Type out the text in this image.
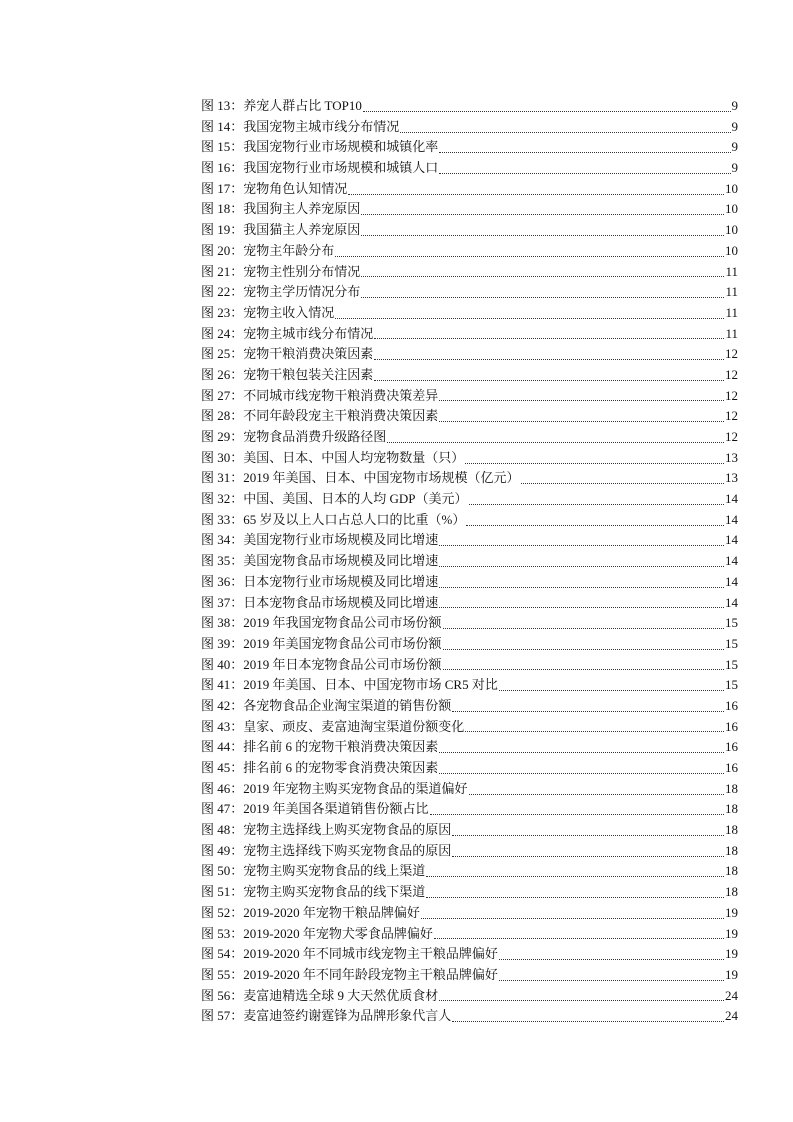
图 13：养宠人群占比 TOP10	9
图 14：我国宠物主城市线分布情况	9
图 15：我国宠物行业市场规模和城镇化率	9
图 16：我国宠物行业市场规模和城镇人口	9
图 17：宠物角色认知情况	10
图 18：我国狗主人养宠原因	10
图 19：我国猫主人养宠原因	10
图 20：宠物主年龄分布	10
图 21：宠物主性别分布情况	11
图 22：宠物主学历情况分布	11
图 23：宠物主收入情况	11
图 24：宠物主城市线分布情况	11
图 25：宠物干粮消费决策因素	12
图 26：宠物干粮包装关注因素	12
图 27：不同城市线宠物干粮消费决策差异	12
图 28：不同年龄段宠主干粮消费决策因素	12
图 29：宠物食品消费升级路径图	12
图 30：美国、日本、中国人均宠物数量（只）	13
图 31：2019 年美国、日本、中国宠物市场规模（亿元）	13
图 32：中国、美国、日本的人均 GDP（美元）	14
图 33：65 岁及以上人口占总人口的比重（%）	14
图 34：美国宠物行业市场规模及同比增速	14
图 35：美国宠物食品市场规模及同比增速	14
图 36：日本宠物行业市场规模及同比增速	14
图 37：日本宠物食品市场规模及同比增速	14
图 38：2019 年我国宠物食品公司市场份额	15
图 39：2019 年美国宠物食品公司市场份额	15
图 40：2019 年日本宠物食品公司市场份额	15
图 41：2019 年美国、日本、中国宠物市场 CR5 对比	15
图 42：各宠物食品企业淘宝渠道的销售份额	16
图 43：皇家、顽皮、麦富迪淘宝渠道份额变化	16
图 44：排名前 6 的宠物干粮消费决策因素	16
图 45：排名前 6 的宠物零食消费决策因素	16
图 46：2019 年宠物主购买宠物食品的渠道偏好	18
图 47：2019 年美国各渠道销售份额占比	18
图 48：宠物主选择线上购买宠物食品的原因	18
图 49：宠物主选择线下购买宠物食品的原因	18
图 50：宠物主购买宠物食品的线上渠道	18
图 51：宠物主购买宠物食品的线下渠道	18
图 52：2019-2020 年宠物干粮品牌偏好	19
图 53：2019-2020 年宠物犬零食品牌偏好	19
图 54：2019-2020 年不同城市线宠物主干粮品牌偏好	19
图 55：2019-2020 年不同年龄段宠物主干粮品牌偏好	19
图 56：麦富迪精选全球 9 大天然优质食材	24
图 57：麦富迪签约谢霆锋为品牌形象代言人	24
